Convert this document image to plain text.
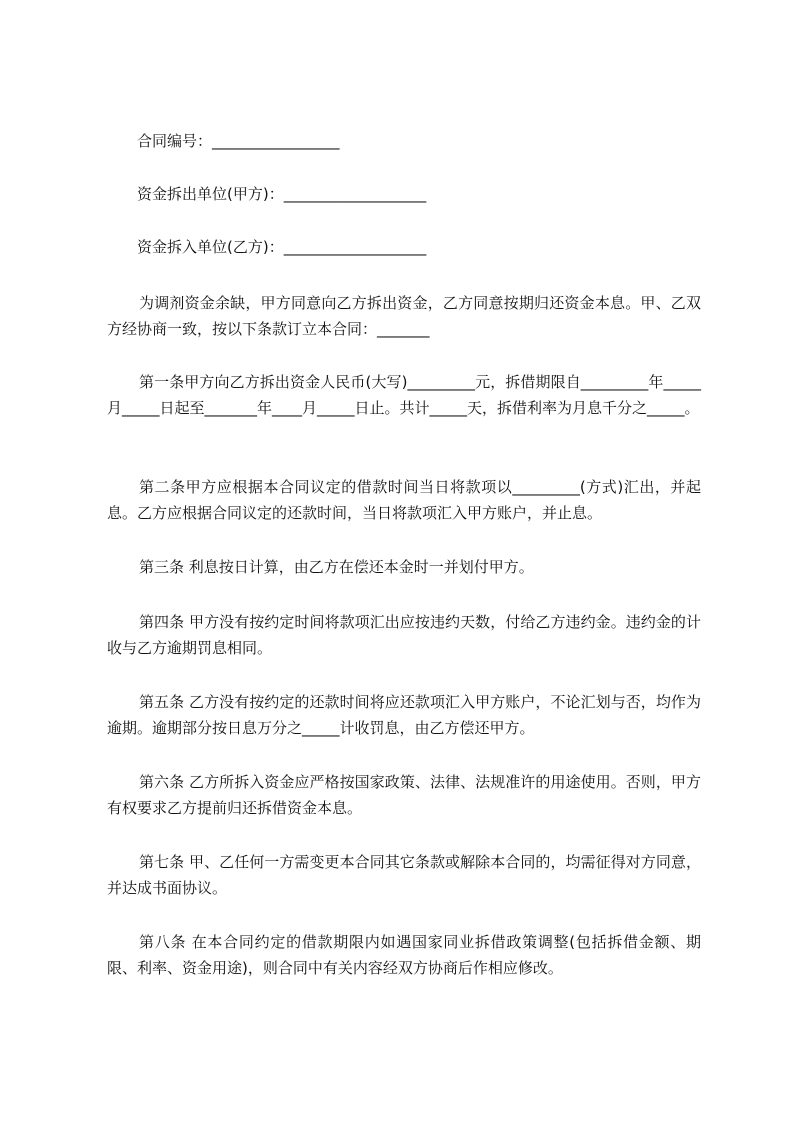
合同编号：_________________
资金拆出单位(甲方)：___________________
资金拆入单位(乙方)：___________________
为调剂资金余缺，甲方同意向乙方拆出资金，乙方同意按期归还资金本息。甲、乙双方经协商一致，按以下条款订立本合同：_______
第一条甲方向乙方拆出资金人民币(大写)_________元，拆借期限自_________年_____月_____日起至_______年____月_____日止。共计_____天，拆借利率为月息千分之_____。
第二条甲方应根据本合同议定的借款时间当日将款项以_________(方式)汇出，并起息。乙方应根据合同议定的还款时间，当日将款项汇入甲方账户，并止息。
第三条 利息按日计算，由乙方在偿还本金时一并划付甲方。
第四条 甲方没有按约定时间将款项汇出应按违约天数，付给乙方违约金。违约金的计收与乙方逾期罚息相同。
第五条 乙方没有按约定的还款时间将应还款项汇入甲方账户，不论汇划与否，均作为逾期。逾期部分按日息万分之_____计收罚息，由乙方偿还甲方。
第六条 乙方所拆入资金应严格按国家政策、法律、法规准许的用途使用。否则，甲方有权要求乙方提前归还拆借资金本息。
第七条 甲、乙任何一方需变更本合同其它条款或解除本合同的，均需征得对方同意，并达成书面协议。
第八条 在本合同约定的借款期限内如遇国家同业拆借政策调整(包括拆借金额、期限、利率、资金用途)，则合同中有关内容经双方协商后作相应修改。
